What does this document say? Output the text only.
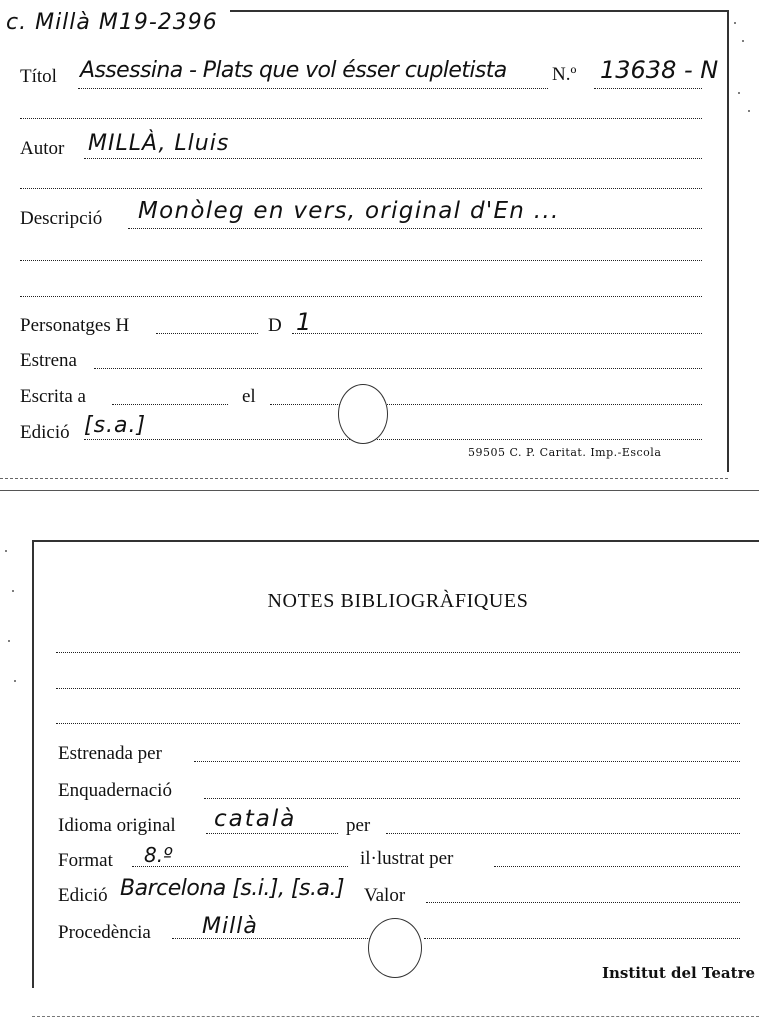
c. Millà M19-2396
Títol Assessina - Plats que vol ésser cupletista	N.º 13638 - N
Autor MILLÀ, Lluis
Descripció Monòleg en vers, original d'En ...
Personatges H	D 1
Estrena
Escrita a	el
Edició [s.a.]
59505 C. P. Caritat. Imp.-Escola
NOTES BIBLIOGRÀFIQUES
Estrenada per
Enquadernació
Idioma original català	per
Format 8.º	il·lustrat per
Edició Barcelona [s.i.], [s.a.] Valor
Procedència Millà
Institut del Teatre
